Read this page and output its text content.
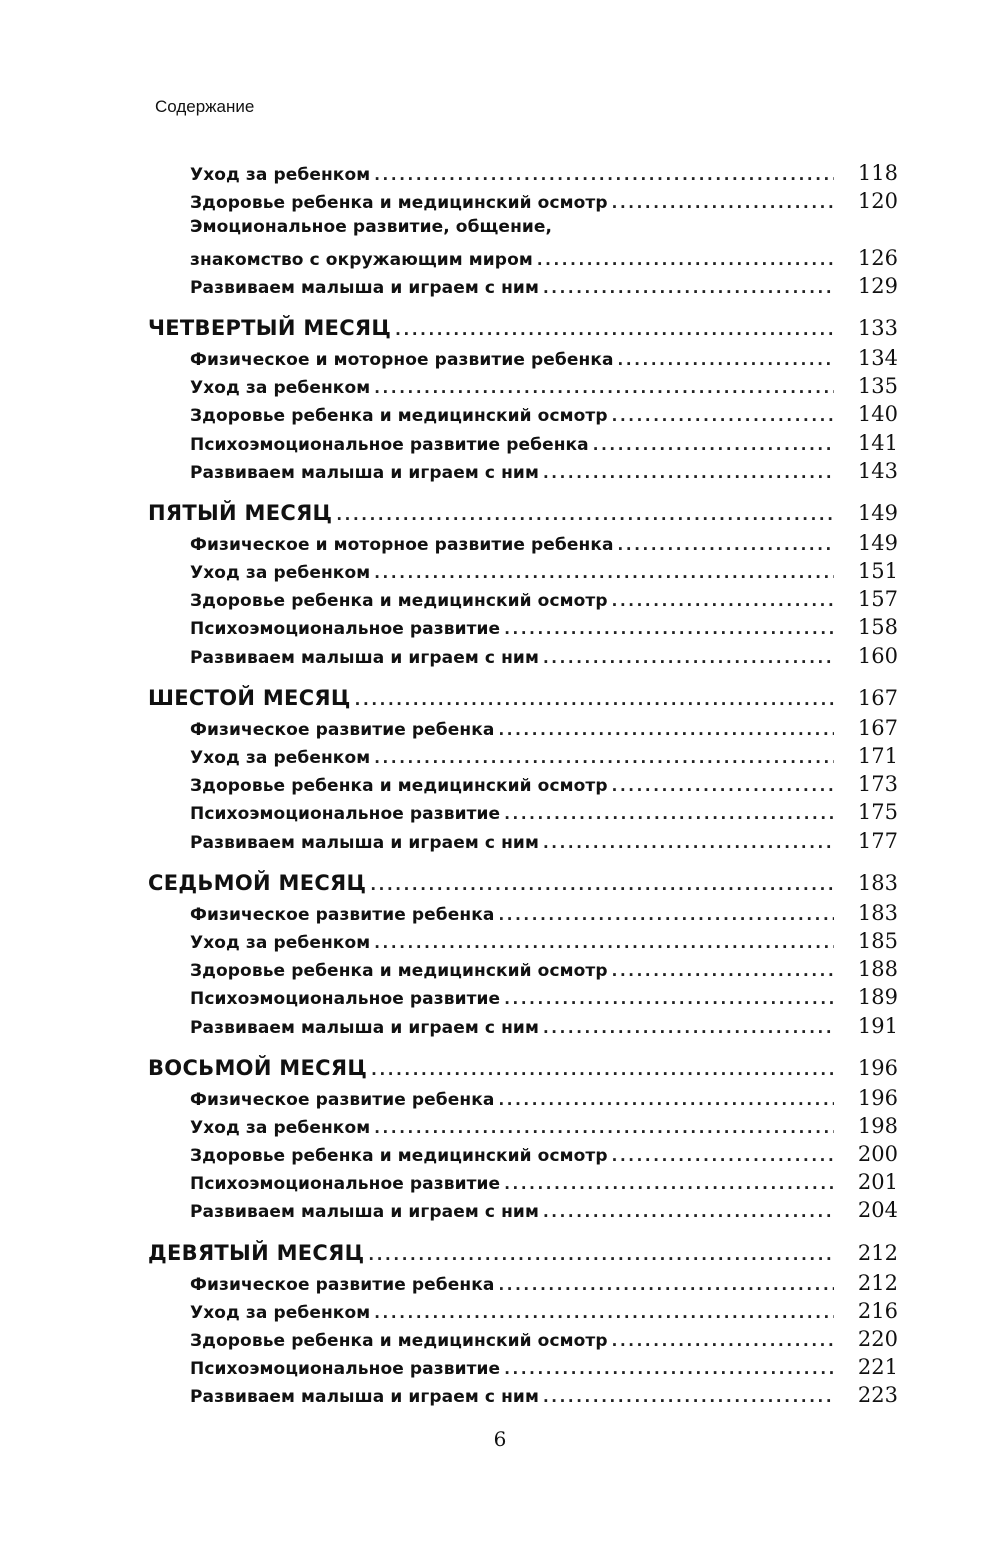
Содержание
Уход за ребенком . . .	118
Здоровье ребенка и медицинский осмотр . . .	120
Эмоциональное развитие, общение,
знакомство с окружающим миром . . .	126
Развиваем малыша и играем с ним . . .	129
ЧЕТВЕРТЫЙ МЕСЯЦ . . .	133
Физическое и моторное развитие ребенка . . .	134
Уход за ребенком . . .	135
Здоровье ребенка и медицинский осмотр . . .	140
Психоэмоциональное развитие ребенка . . .	141
Развиваем малыша и играем с ним . . .	143
ПЯТЫЙ МЕСЯЦ . . .	149
Физическое и моторное развитие ребенка . . .	149
Уход за ребенком . . .	151
Здоровье ребенка и медицинский осмотр . . .	157
Психоэмоциональное развитие . . .	158
Развиваем малыша и играем с ним . . .	160
ШЕСТОЙ МЕСЯЦ . . .	167
Физическое развитие ребенка . . .	167
Уход за ребенком . . .	171
Здоровье ребенка и медицинский осмотр . . .	173
Психоэмоциональное развитие . . .	175
Развиваем малыша и играем с ним . . .	177
СЕДЬМОЙ МЕСЯЦ . . .	183
Физическое развитие ребенка . . .	183
Уход за ребенком . . .	185
Здоровье ребенка и медицинский осмотр . . .	188
Психоэмоциональное развитие . . .	189
Развиваем малыша и играем с ним . . .	191
ВОСЬМОЙ МЕСЯЦ . . .	196
Физическое развитие ребенка . . .	196
Уход за ребенком . . .	198
Здоровье ребенка и медицинский осмотр . . .	200
Психоэмоциональное развитие . . .	201
Развиваем малыша и играем с ним . . .	204
ДЕВЯТЫЙ МЕСЯЦ . . .	212
Физическое развитие ребенка . . .	212
Уход за ребенком . . .	216
Здоровье ребенка и медицинский осмотр . . .	220
Психоэмоциональное развитие . . .	221
Развиваем малыша и играем с ним . . .	223
6
